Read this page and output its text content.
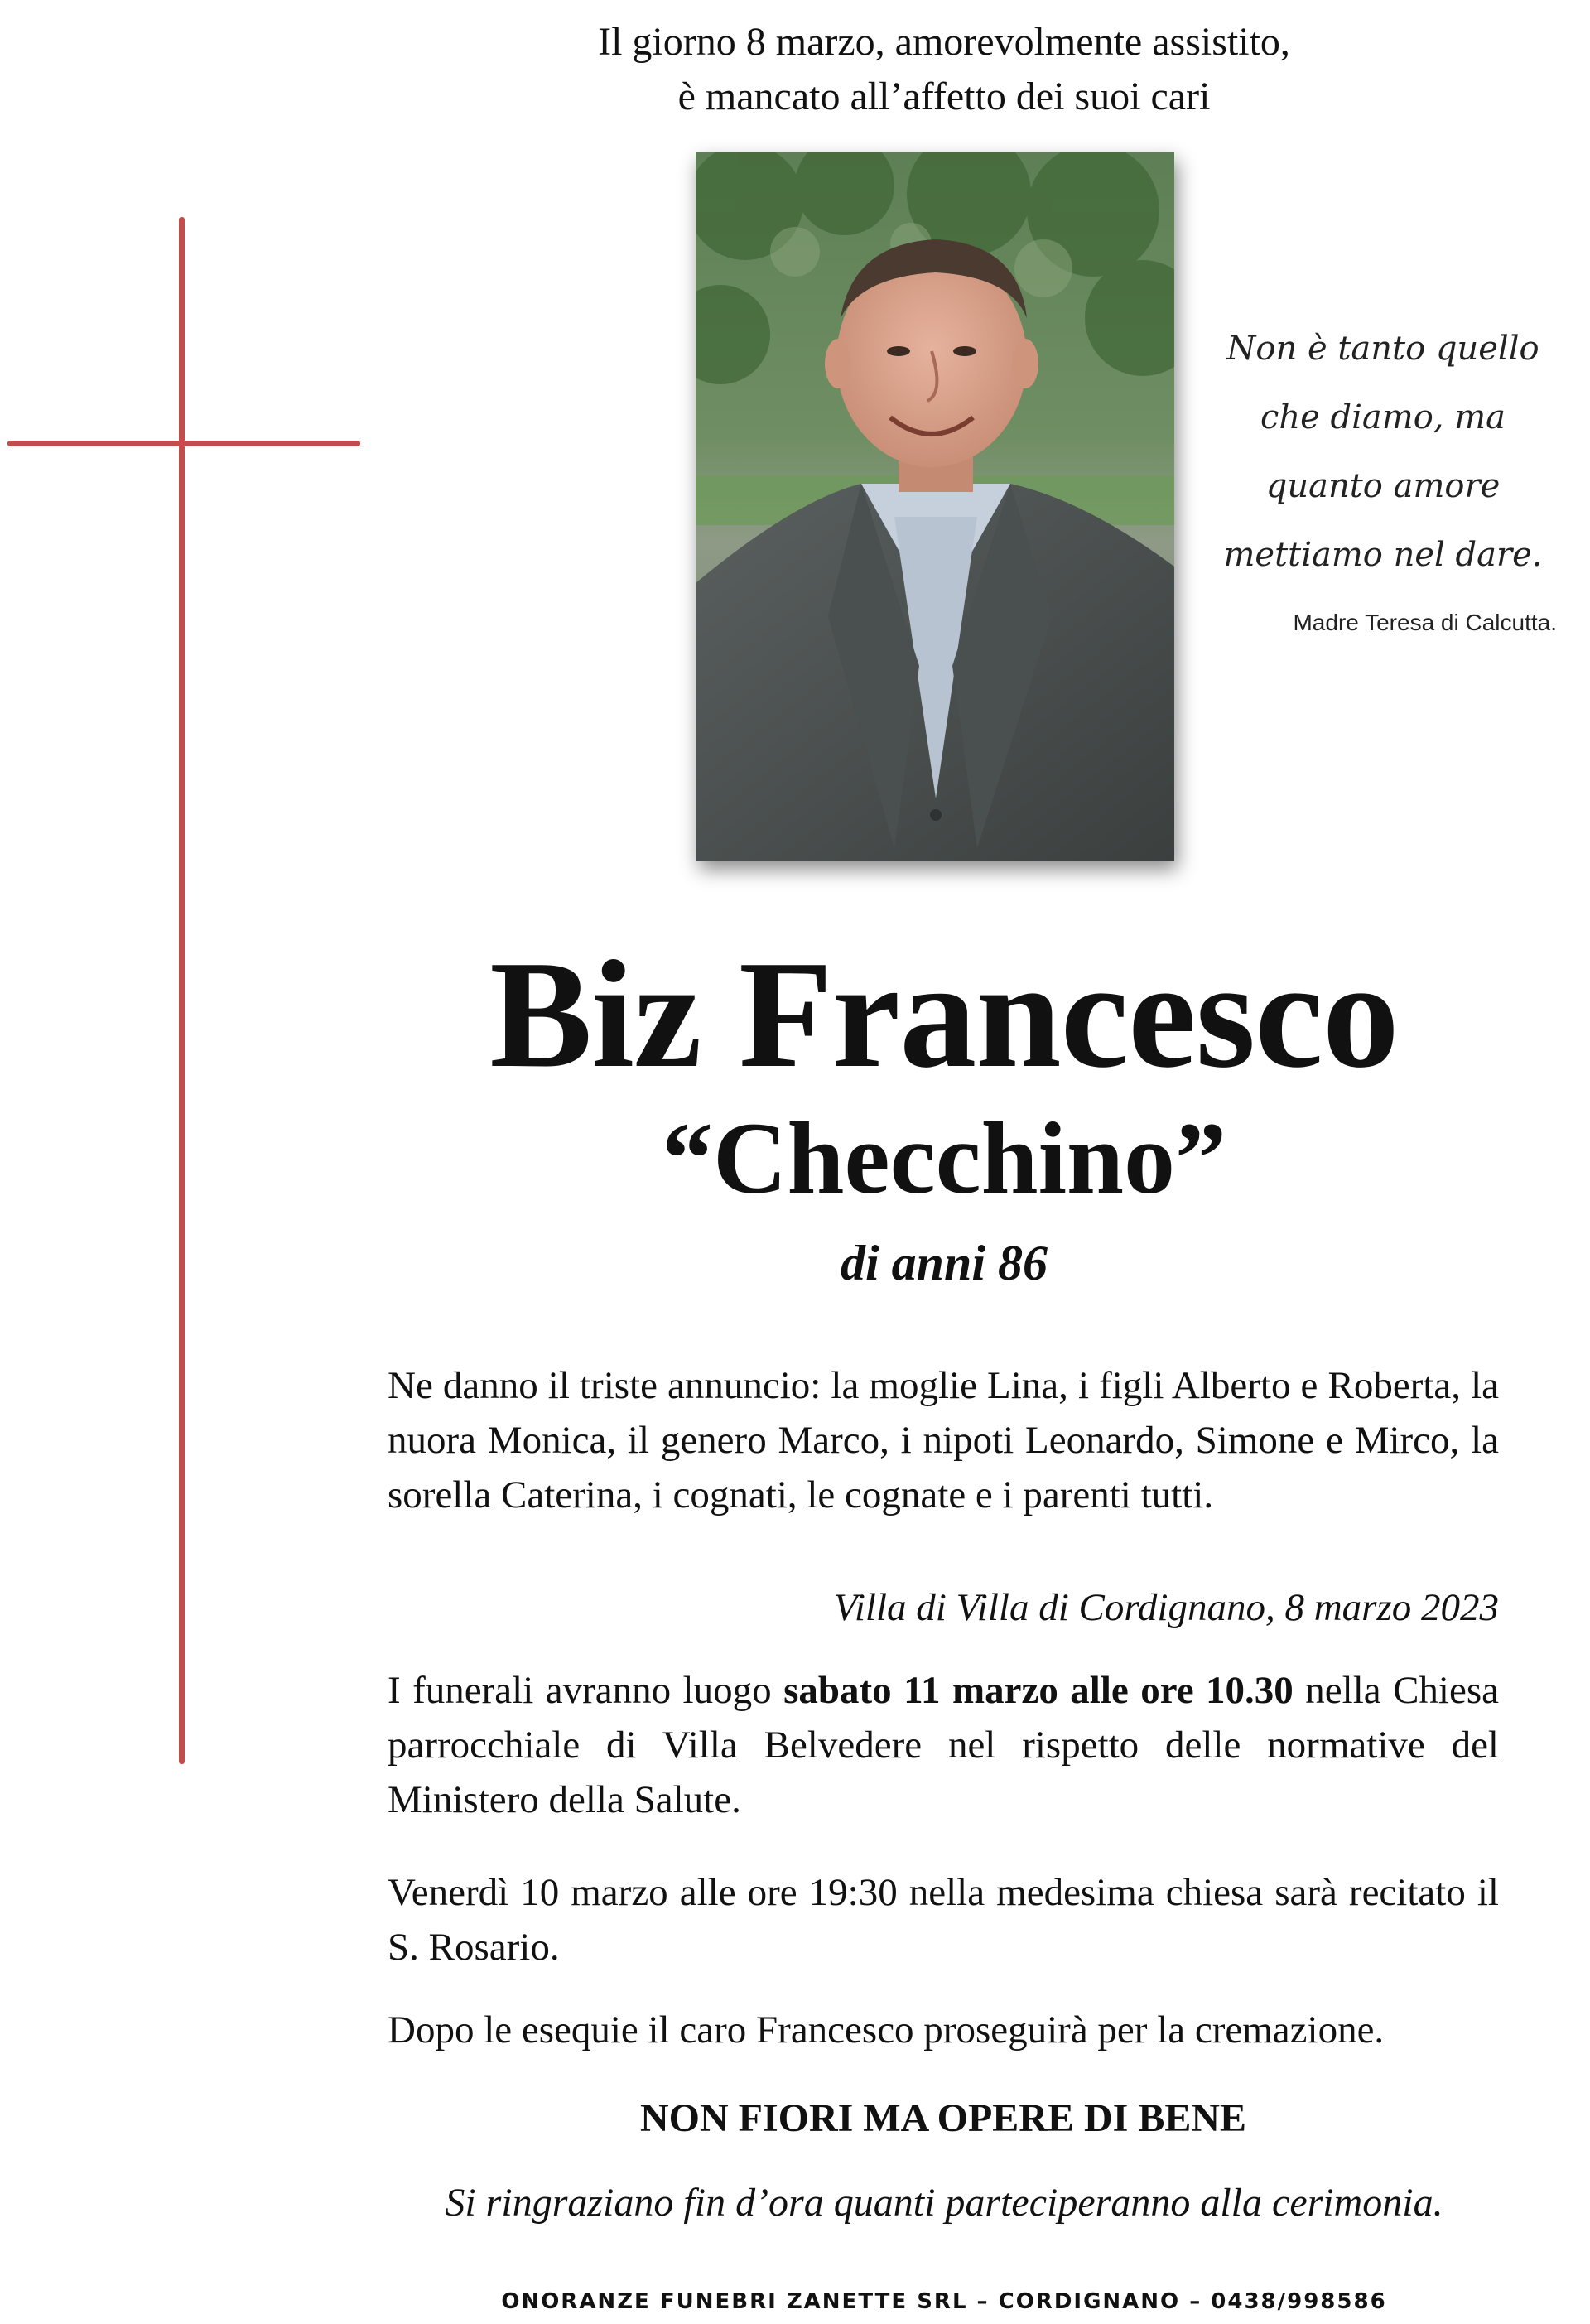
Il giorno 8 marzo, amorevolmente assistito,
è mancato all’affetto dei suoi cari
Non è tanto quello
che diamo, ma
quanto amore
mettiamo nel dare.
Madre Teresa di Calcutta.
Biz Francesco
“Checchino”
di anni 86
Ne danno il triste annuncio: la moglie Lina, i figli Alberto e Roberta, la nuora Monica, il genero Marco, i nipoti Leonardo, Simone e Mirco, la sorella Caterina, i cognati, le cognate e i parenti tutti.
Villa di Villa di Cordignano, 8 marzo 2023
I funerali avranno luogo sabato 11 marzo alle ore 10.30 nella Chiesa parrocchiale di Villa Belvedere nel rispetto delle normative del Ministero della Salute.
Venerdì 10 marzo alle ore 19:30 nella medesima chiesa sarà recitato il S. Rosario.
Dopo le esequie il caro Francesco proseguirà per la cremazione.
NON FIORI MA OPERE DI BENE
Si ringraziano fin d’ora quanti parteciperanno alla cerimonia.
ONORANZE FUNEBRI ZANETTE SRL – CORDIGNANO – 0438/998586
